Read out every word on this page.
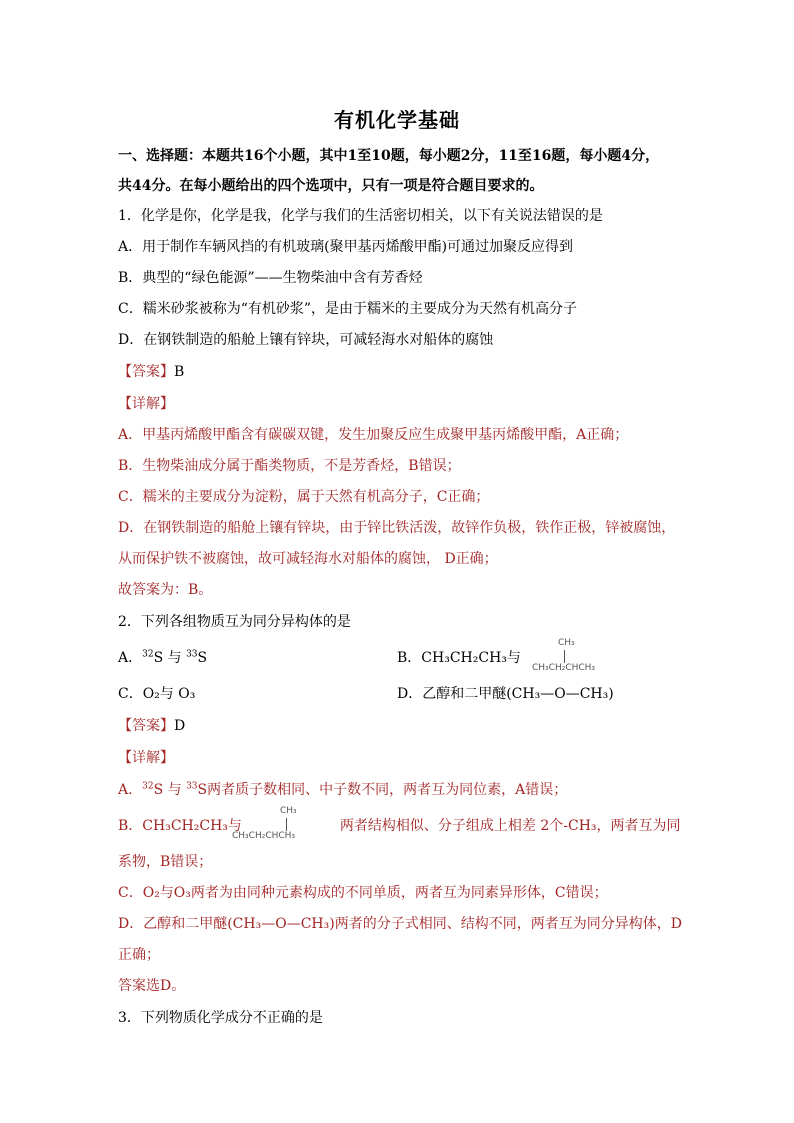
有机化学基础
一、选择题：本题共16个小题，其中1至10题，每小题2分，11至16题，每小题4分，
共44分。在每小题给出的四个选项中，只有一项是符合题目要求的。
1．化学是你，化学是我，化学与我们的生活密切相关，以下有关说法错误的是
A．用于制作车辆风挡的有机玻璃(聚甲基丙烯酸甲酯)可通过加聚反应得到
B．典型的“绿色能源”——生物柴油中含有芳香烃
C．糯米砂浆被称为“有机砂浆”，是由于糯米的主要成分为天然有机高分子
D．在钢铁制造的船舱上镶有锌块，可减轻海水对船体的腐蚀
【答案】B
【详解】
A．甲基丙烯酸甲酯含有碳碳双键，发生加聚反应生成聚甲基丙烯酸甲酯，A正确；
B．生物柴油成分属于酯类物质，不是芳香烃，B错误；
C．糯米的主要成分为淀粉，属于天然有机高分子，C正确；
D．在钢铁制造的船舱上镶有锌块，由于锌比铁活泼，故锌作负极，铁作正极，锌被腐蚀，
从而保护铁不被腐蚀，故可减轻海水对船体的腐蚀， D正确；
故答案为：B。
2．下列各组物质互为同分异构体的是
A．$^{32}$S 与 $^{33}$S	B．CH₃CH₂CH₃与
CH₃
CH₃CH₂CHCH₃
C．O₂与 O₃	D．乙醇和二甲醚(CH₃—O—CH₃)
【答案】D
【详解】
A．$^{32}$S 与 $^{33}$S两者质子数相同、中子数不同，两者互为同位素，A错误；
B．CH₃CH₂CH₃与	两者结构相似、分子组成上相差 2个-CH₃，两者互为同
CH₃
CH₃CH₂CHCH₃
系物，B错误；
C．O₂与O₃两者为由同种元素构成的不同单质，两者互为同素异形体，C错误；
D．乙醇和二甲醚(CH₃—O—CH₃)两者的分子式相同、结构不同，两者互为同分异构体，D
正确；
答案选D。
3．下列物质化学成分不正确的是
